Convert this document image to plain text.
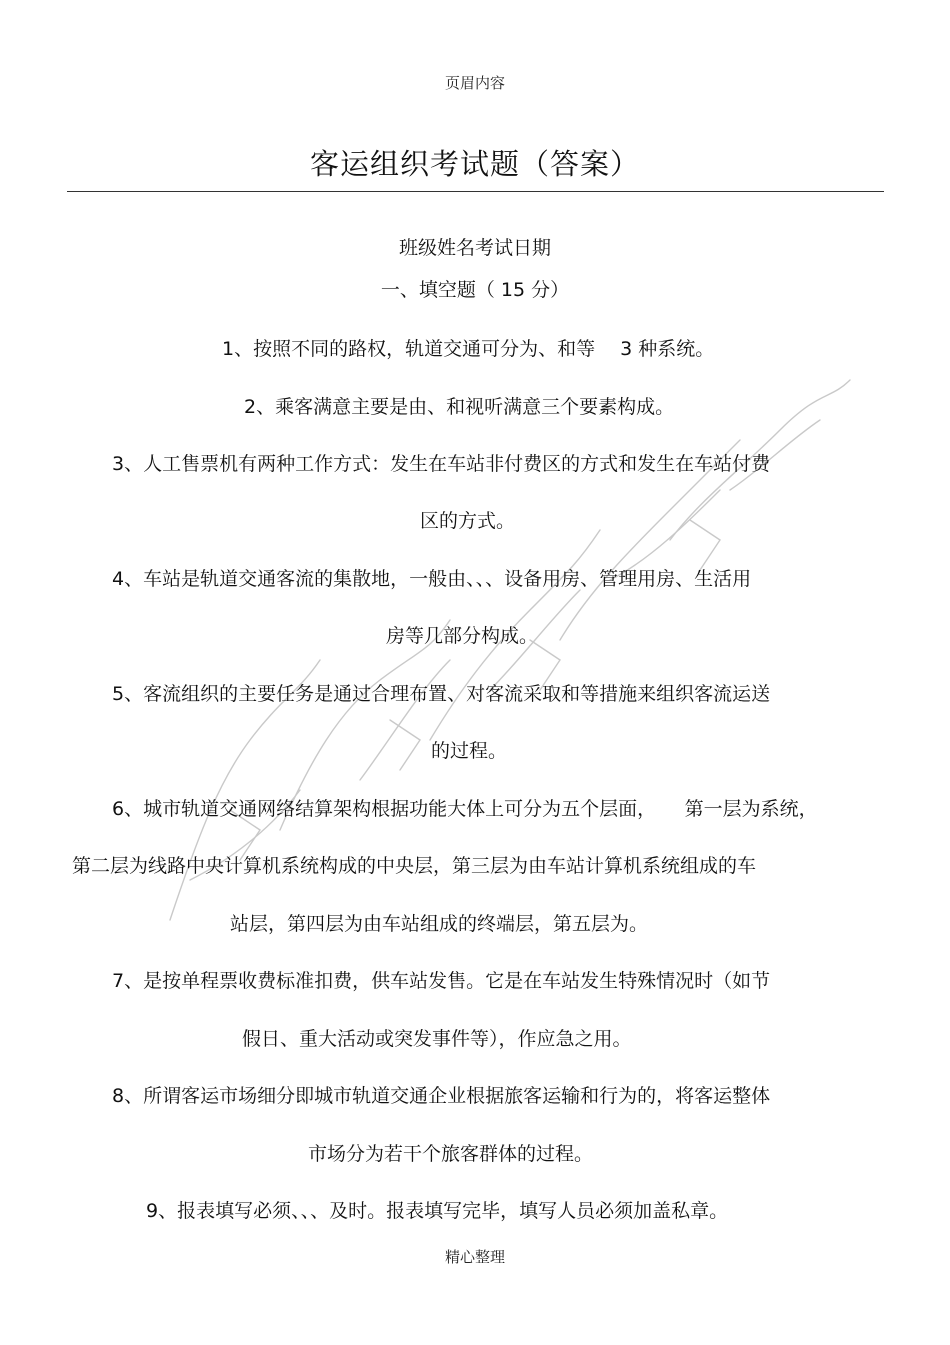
页眉内容
客运组织考试题（答案）
班级姓名考试日期
一、填空题（ 15 分）
1、按照不同的路权，轨道交通可分为、和等　 3 种系统。
2、乘客满意主要是由、和视听满意三个要素构成。
3、人工售票机有两种工作方式：发生在车站非付费区的方式和发生在车站付费
区的方式。
4、车站是轨道交通客流的集散地，一般由、、、设备用房、管理用房、生活用
房等几部分构成。
5、客流组织的主要任务是通过合理布置、对客流采取和等措施来组织客流运送
的过程。
6、城市轨道交通网络结算架构根据功能大体上可分为五个层面，　　第一层为系统，
第二层为线路中央计算机系统构成的中央层，第三层为由车站计算机系统组成的车
站层，第四层为由车站组成的终端层，第五层为。
7、是按单程票收费标准扣费，供车站发售。它是在车站发生特殊情况时（如节
假日、重大活动或突发事件等），作应急之用。
8、所谓客运市场细分即城市轨道交通企业根据旅客运输和行为的，将客运整体
市场分为若干个旅客群体的过程。
9、报表填写必须、、、及时。报表填写完毕，填写人员必须加盖私章。
精心整理
